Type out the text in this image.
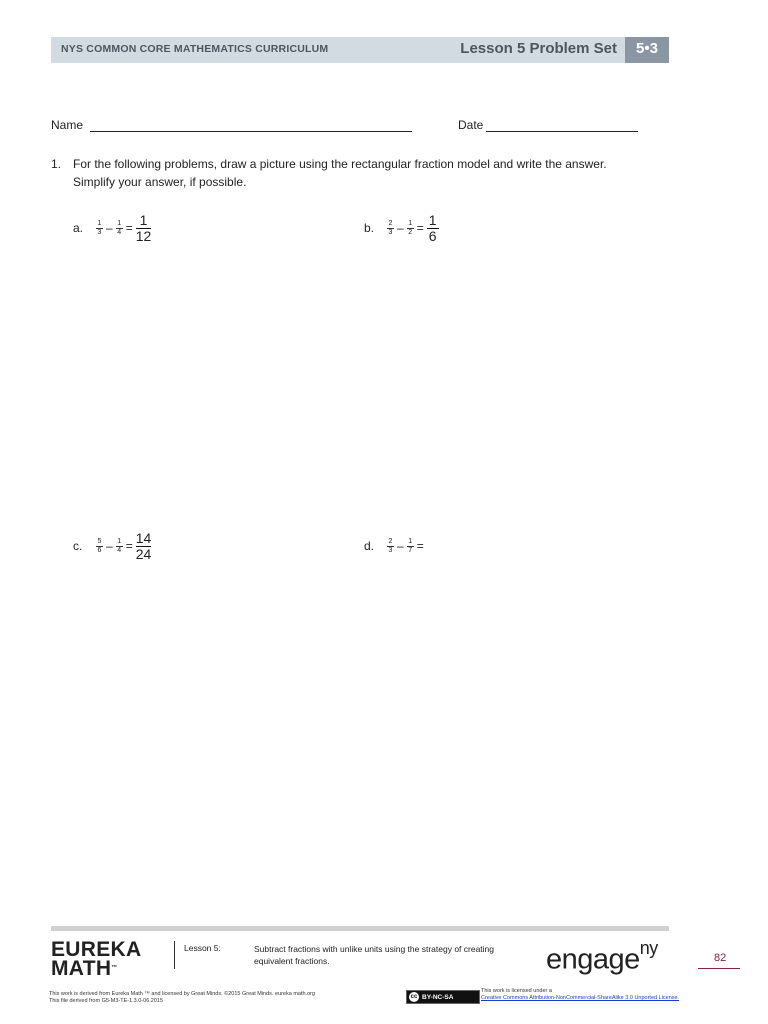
NYS COMMON CORE MATHEMATICS CURRICULUM	Lesson 5 Problem Set	5•3
Name	Date
1. For the following problems, draw a picture using the rectangular fraction model and write the answer.
Simplify your answer, if possible.
a.	1
3 – 1
4 =
1
12	b.	2
3 – 1
2 =
1
6
c.	5
6 – 1
4 =
14
24	d.	2
3 – 1
7 =
EUREKA
MATH™
Lesson 5:	Subtract fractions with unlike units using the strategy of creating equivalent fractions.	engage$^{ny}$	82
This work is derived from Eureka Math ™ and licensed by Great Minds. ©2015 Great Minds. eureka math.org
This file derived from G5-M3-TE-1.3.0-06.2015
cc BY-NC-SA
This work is licensed under a
Creative Commons Attribution-NonCommercial-ShareAlike 3.0 Unported License.
